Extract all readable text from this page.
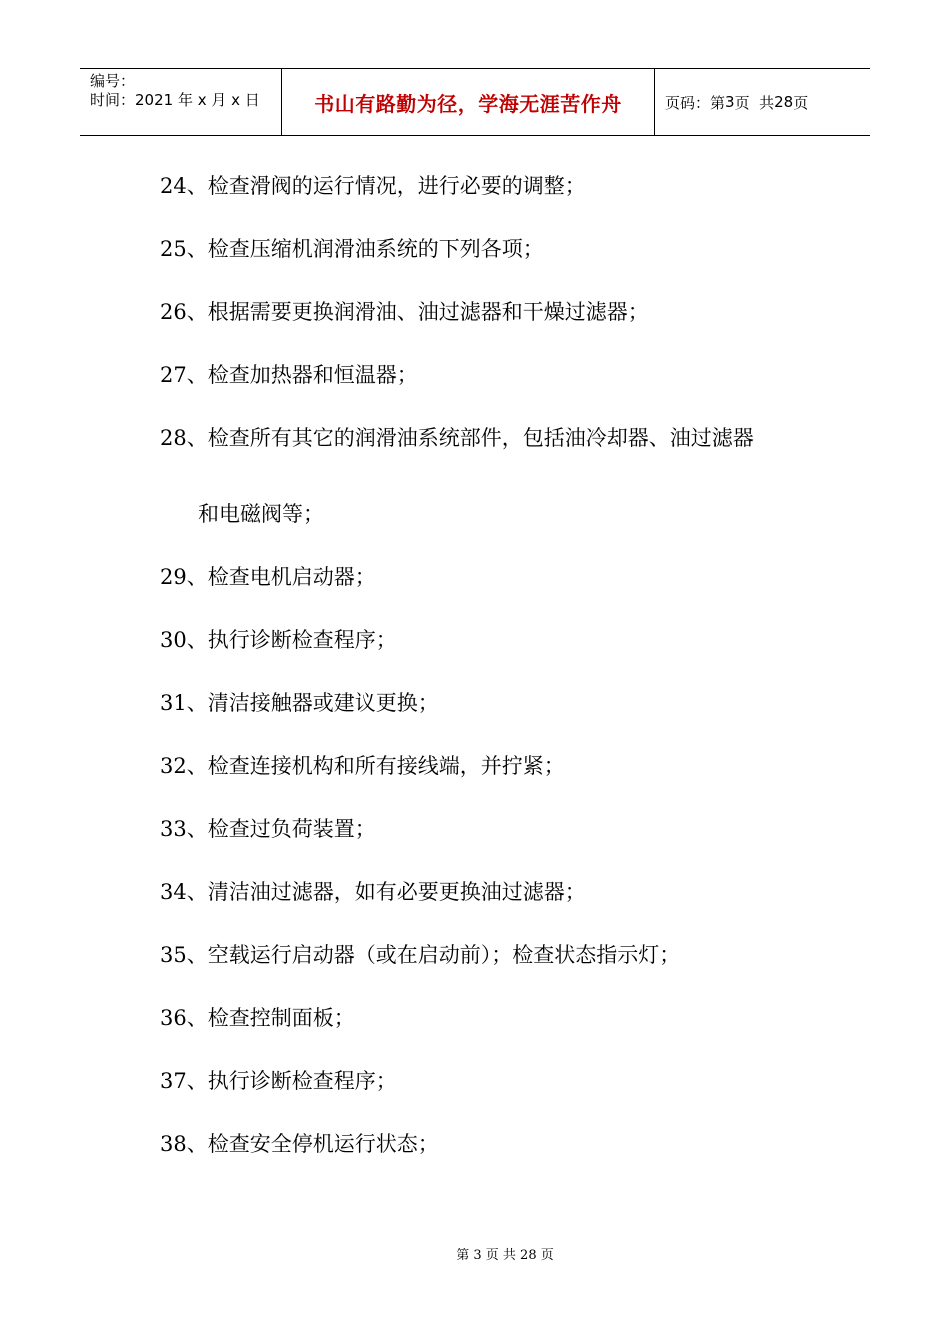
编号：
时间：2021 年 x 月 x 日	书山有路勤为径，学海无涯苦作舟	页码：第 3 页  共 28 页
24、检查滑阀的运行情况，进行必要的调整；
25、检查压缩机润滑油系统的下列各项；
26、根据需要更换润滑油、油过滤器和干燥过滤器；
27、检查加热器和恒温器；
28、检查所有其它的润滑油系统部件，包括油冷却器、油过滤器
和电磁阀等；
29、检查电机启动器；
30、执行诊断检查程序；
31、清洁接触器或建议更换；
32、检查连接机构和所有接线端，并拧紧；
33、检查过负荷装置；
34、清洁油过滤器，如有必要更换油过滤器；
35、空载运行启动器（或在启动前）；检查状态指示灯；
36、检查控制面板；
37、执行诊断检查程序；
38、检查安全停机运行状态；
第 3 页 共 28 页
